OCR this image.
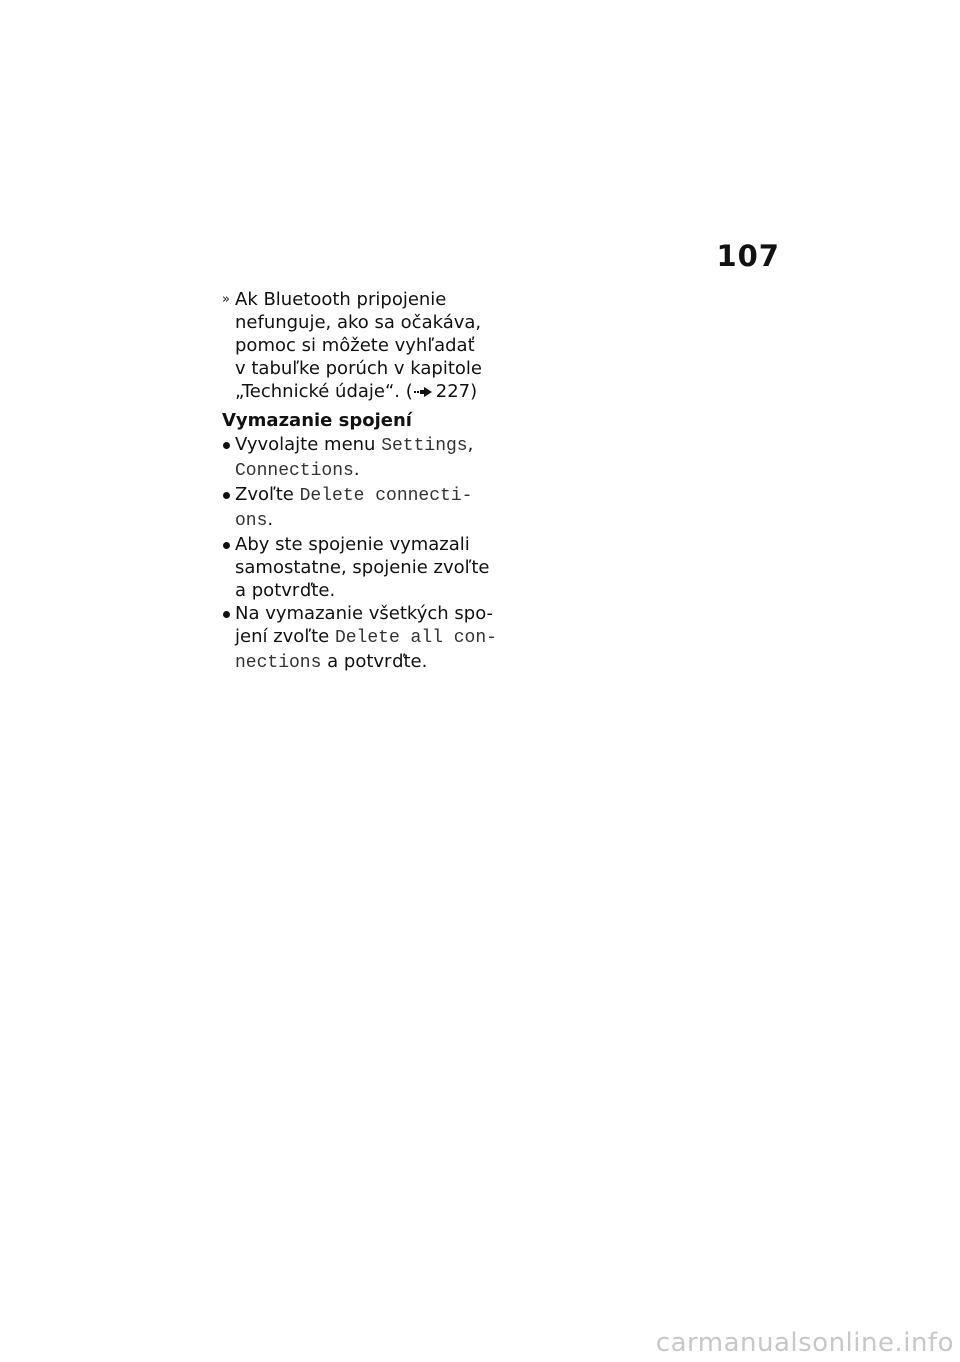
107
» Ak Bluetooth pripojenie
nefunguje, ako sa očakáva,
pomoc si môžete vyhľadať
v tabuľke porúch v kapitole
„Technické údaje“. ( 227)
Vymazanie spojení
Vyvolajte menu Settings,
Connections.
Zvoľte Delete connecti-
ons.
Aby ste spojenie vymazali
samostatne, spojenie zvoľte
a potvrďte.
Na vymazanie všetkých spo-
jení zvoľte Delete all con-
nections a potvrďte.
carmanualsonline.info
